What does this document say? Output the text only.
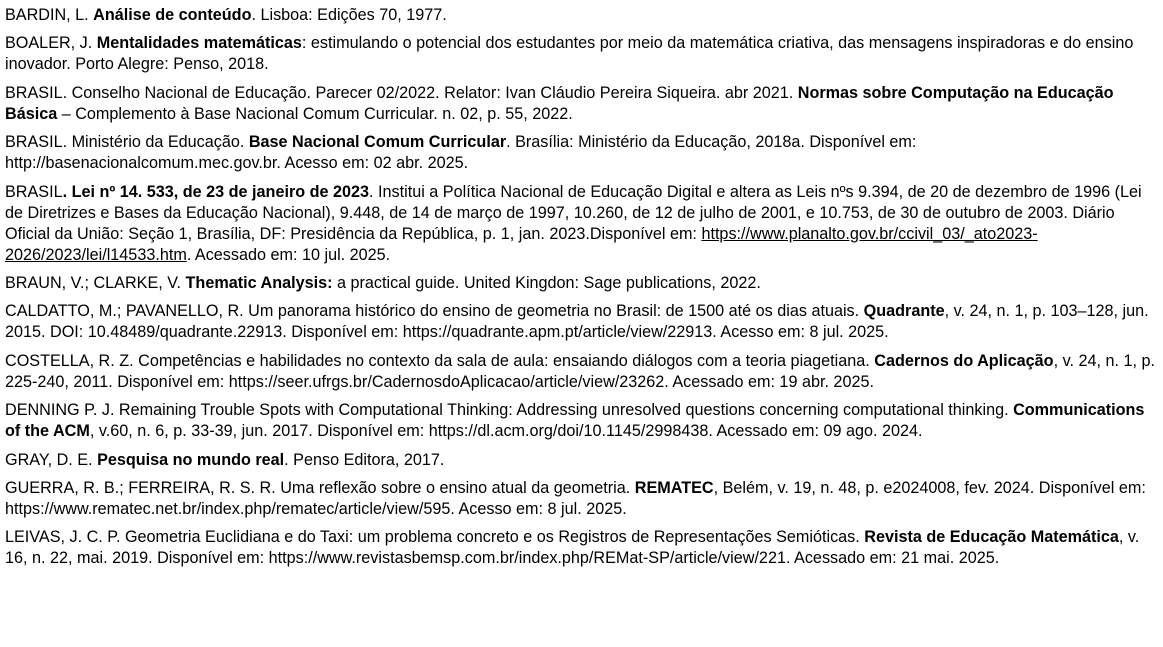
BARDIN, L. Análise de conteúdo. Lisboa: Edições 70, 1977.

BOALER, J. Mentalidades matemáticas: estimulando o potencial dos estudantes por meio da matemática criativa, das mensagens inspiradoras e do ensino inovador. Porto Alegre: Penso, 2018.

BRASIL. Conselho Nacional de Educação. Parecer 02/2022. Relator: Ivan Cláudio Pereira Siqueira. abr 2021. Normas sobre Computação na Educação Básica – Complemento à Base Nacional Comum Curricular. n. 02, p. 55, 2022.

BRASIL. Ministério da Educação. Base Nacional Comum Curricular. Brasília: Ministério da Educação, 2018a. Disponível em: http://basenacionalcomum.mec.gov.br. Acesso em: 02 abr. 2025.

BRASIL. Lei nº 14. 533, de 23 de janeiro de 2023. Institui a Política Nacional de Educação Digital e altera as Leis nºs 9.394, de 20 de dezembro de 1996 (Lei de Diretrizes e Bases da Educação Nacional), 9.448, de 14 de março de 1997, 10.260, de 12 de julho de 2001, e 10.753, de 30 de outubro de 2003. Diário Oficial da União: Seção 1, Brasília, DF: Presidência da República, p. 1, jan. 2023.Disponível em: https://www.planalto.gov.br/ccivil_03/_ato2023-2026/2023/lei/l14533.htm. Acessado em: 10 jul. 2025.

BRAUN, V.; CLARKE, V. Thematic Analysis: a practical guide. United Kingdon: Sage publications, 2022.

CALDATTO, M.; PAVANELLO, R. Um panorama histórico do ensino de geometria no Brasil: de 1500 até os dias atuais. Quadrante, v. 24, n. 1, p. 103–128, jun. 2015. DOI: 10.48489/quadrante.22913. Disponível em: https://quadrante.apm.pt/article/view/22913. Acesso em: 8 jul. 2025.

COSTELLA, R. Z. Competências e habilidades no contexto da sala de aula: ensaiando diálogos com a teoria piagetiana. Cadernos do Aplicação, v. 24, n. 1, p. 225-240, 2011. Disponível em: https://seer.ufrgs.br/CadernosdoAplicacao/article/view/23262. Acessado em: 19 abr. 2025.

DENNING P. J. Remaining Trouble Spots with Computational Thinking: Addressing unresolved questions concerning computational thinking. Communications of the ACM, v.60, n. 6, p. 33-39, jun. 2017. Disponível em: https://dl.acm.org/doi/10.1145/2998438. Acessado em: 09 ago. 2024.

GRAY, D. E. Pesquisa no mundo real. Penso Editora, 2017.

GUERRA, R. B.; FERREIRA, R. S. R. Uma reflexão sobre o ensino atual da geometria. REMATEC, Belém, v. 19, n. 48, p. e2024008, fev. 2024. Disponível em: https://www.rematec.net.br/index.php/rematec/article/view/595. Acesso em: 8 jul. 2025.

LEIVAS, J. C. P. Geometria Euclidiana e do Taxi: um problema concreto e os Registros de Representações Semióticas. Revista de Educação Matemática, v. 16, n. 22, mai. 2019. Disponível em: https://www.revistasbemsp.com.br/index.php/REMat-SP/article/view/221. Acessado em: 21 mai. 2025.
